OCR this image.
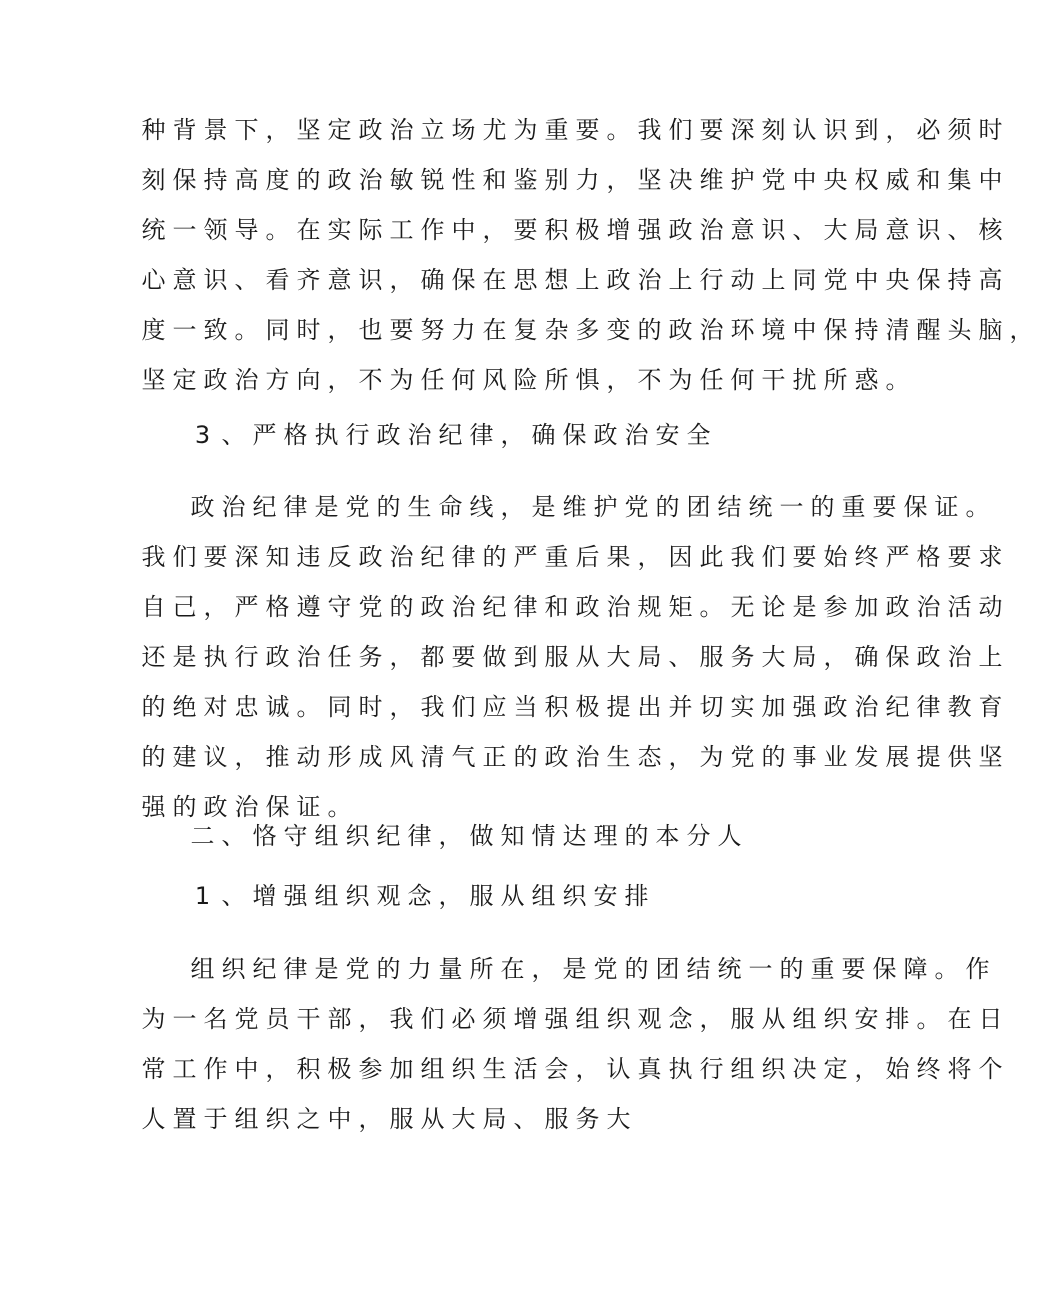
种 背 景 下 ， 坚 定 政 治 立 场 尤 为 重 要 。 我 们 要 深 刻 认 识 到 ， 必 须 时
刻 保 持 高 度 的 政 治 敏 锐 性 和 鉴 别 力 ， 坚 决 维 护 党 中 央 权 威 和 集 中
统 一 领 导 。 在 实 际 工 作 中 ， 要 积 极 增 强 政 治 意 识 、 大 局 意 识 、 核
心 意 识 、 看 齐 意 识 ， 确 保 在 思 想 上 政 治 上 行 动 上 同 党 中 央 保 持 高
度 一 致 。 同 时 ， 也 要 努 力 在 复 杂 多 变 的 政 治 环 境 中 保 持 清 醒 头 脑 ，
坚 定 政 治 方 向 ， 不 为 任 何 风 险 所 惧 ， 不 为 任 何 干 扰 所 惑 。
3 、 严 格 执 行 政 治 纪 律 ， 确 保 政 治 安 全
政 治 纪 律 是 党 的 生 命 线 ， 是 维 护 党 的 团 结 统 一 的 重 要 保 证 。
我 们 要 深 知 违 反 政 治 纪 律 的 严 重 后 果 ， 因 此 我 们 要 始 终 严 格 要 求
自 己 ， 严 格 遵 守 党 的 政 治 纪 律 和 政 治 规 矩 。 无 论 是 参 加 政 治 活 动
还 是 执 行 政 治 任 务 ， 都 要 做 到 服 从 大 局 、 服 务 大 局 ， 确 保 政 治 上
的 绝 对 忠 诚 。 同 时 ， 我 们 应 当 积 极 提 出 并 切 实 加 强 政 治 纪 律 教 育
的 建 议 ， 推 动 形 成 风 清 气 正 的 政 治 生 态 ， 为 党 的 事 业 发 展 提 供 坚
强 的 政 治 保 证 。
二 、 恪 守 组 织 纪 律 ， 做 知 情 达 理 的 本 分 人
1 、 增 强 组 织 观 念 ， 服 从 组 织 安 排
组 织 纪 律 是 党 的 力 量 所 在 ， 是 党 的 团 结 统 一 的 重 要 保 障 。 作
为 一 名 党 员 干 部 ， 我 们 必 须 增 强 组 织 观 念 ， 服 从 组 织 安 排 。 在 日
常 工 作 中 ， 积 极 参 加 组 织 生 活 会 ， 认 真 执 行 组 织 决 定 ， 始 终 将 个
人 置 于 组 织 之 中 ， 服 从 大 局 、 服 务 大
